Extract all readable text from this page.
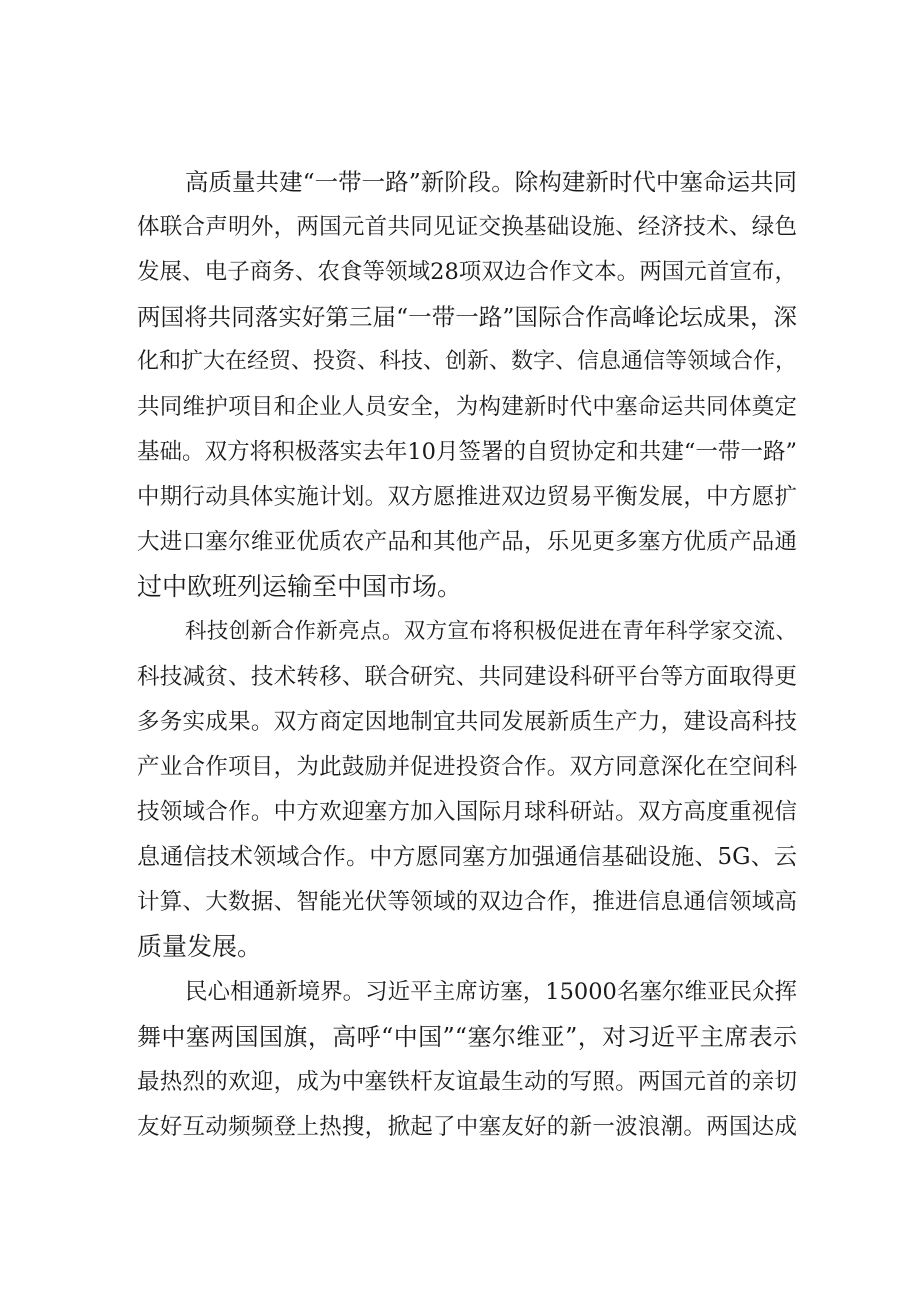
高质量共建“一带一路”新阶段。除构建新时代中塞命运共同
体联合声明外，两国元首共同见证交换基础设施、经济技术、绿色
发展、电子商务、农食等领域28项双边合作文本。两国元首宣布，
两国将共同落实好第三届“一带一路”国际合作高峰论坛成果，深
化和扩大在经贸、投资、科技、创新、数字、信息通信等领域合作，
共同维护项目和企业人员安全，为构建新时代中塞命运共同体奠定
基础。双方将积极落实去年10月签署的自贸协定和共建“一带一路”
中期行动具体实施计划。双方愿推进双边贸易平衡发展，中方愿扩
大进口塞尔维亚优质农产品和其他产品，乐见更多塞方优质产品通
过中欧班列运输至中国市场。
科技创新合作新亮点。双方宣布将积极促进在青年科学家交流、
科技减贫、技术转移、联合研究、共同建设科研平台等方面取得更
多务实成果。双方商定因地制宜共同发展新质生产力，建设高科技
产业合作项目，为此鼓励并促进投资合作。双方同意深化在空间科
技领域合作。中方欢迎塞方加入国际月球科研站。双方高度重视信
息通信技术领域合作。中方愿同塞方加强通信基础设施、5G、云
计算、大数据、智能光伏等领域的双边合作，推进信息通信领域高
质量发展。
民心相通新境界。习近平主席访塞，15000名塞尔维亚民众挥
舞中塞两国国旗，高呼“中国”“塞尔维亚”，对习近平主席表示
最热烈的欢迎，成为中塞铁杆友谊最生动的写照。两国元首的亲切
友好互动频频登上热搜，掀起了中塞友好的新一波浪潮。两国达成
